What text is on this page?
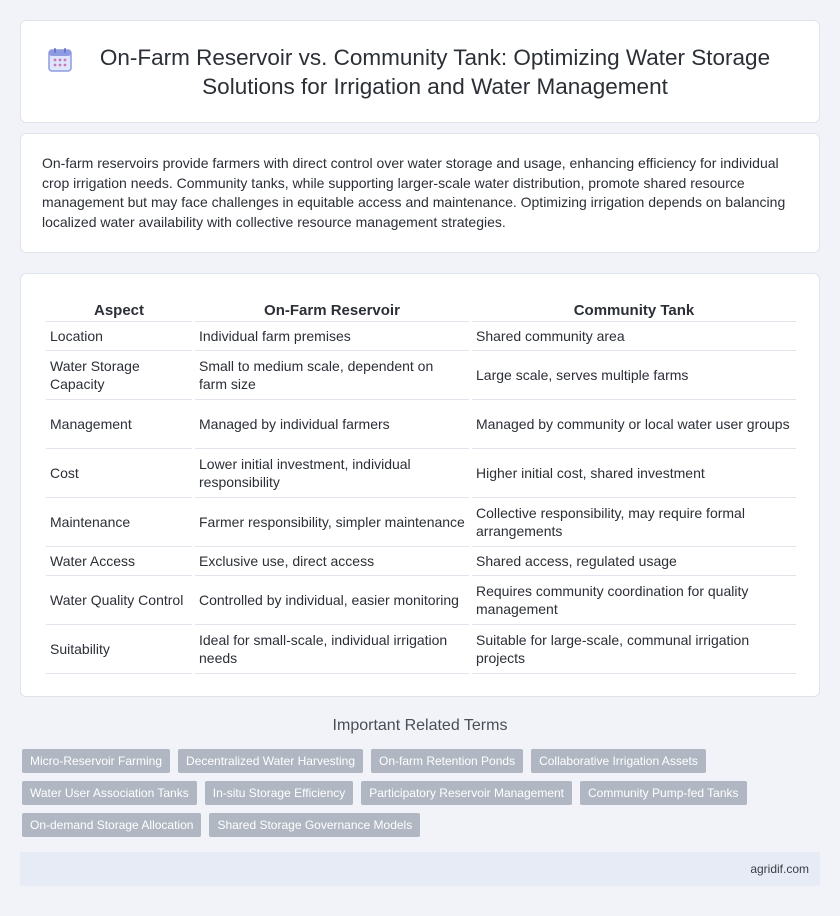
On-Farm Reservoir vs. Community Tank: Optimizing Water Storage Solutions for Irrigation and Water Management

On-farm reservoirs provide farmers with direct control over water storage and usage, enhancing efficiency for individual crop irrigation needs. Community tanks, while supporting larger-scale water distribution, promote shared resource management but may face challenges in equitable access and maintenance. Optimizing irrigation depends on balancing localized water availability with collective resource management strategies.

Aspect	On-Farm Reservoir	Community Tank
Location	Individual farm premises	Shared community area
Water Storage Capacity	Small to medium scale, dependent on farm size	Large scale, serves multiple farms
Management	Managed by individual farmers	Managed by community or local water user groups
Cost	Lower initial investment, individual responsibility	Higher initial cost, shared investment
Maintenance	Farmer responsibility, simpler maintenance	Collective responsibility, may require formal arrangements
Water Access	Exclusive use, direct access	Shared access, regulated usage
Water Quality Control	Controlled by individual, easier monitoring	Requires community coordination for quality management
Suitability	Ideal for small-scale, individual irrigation needs	Suitable for large-scale, communal irrigation projects
Important Related Terms
Micro-Reservoir Farming	Decentralized Water Harvesting	On-farm Retention Ponds	Collaborative Irrigation Assets
Water User Association Tanks	In-situ Storage Efficiency	Participatory Reservoir Management	Community Pump-fed Tanks
On-demand Storage Allocation	Shared Storage Governance Models
agridif.com
